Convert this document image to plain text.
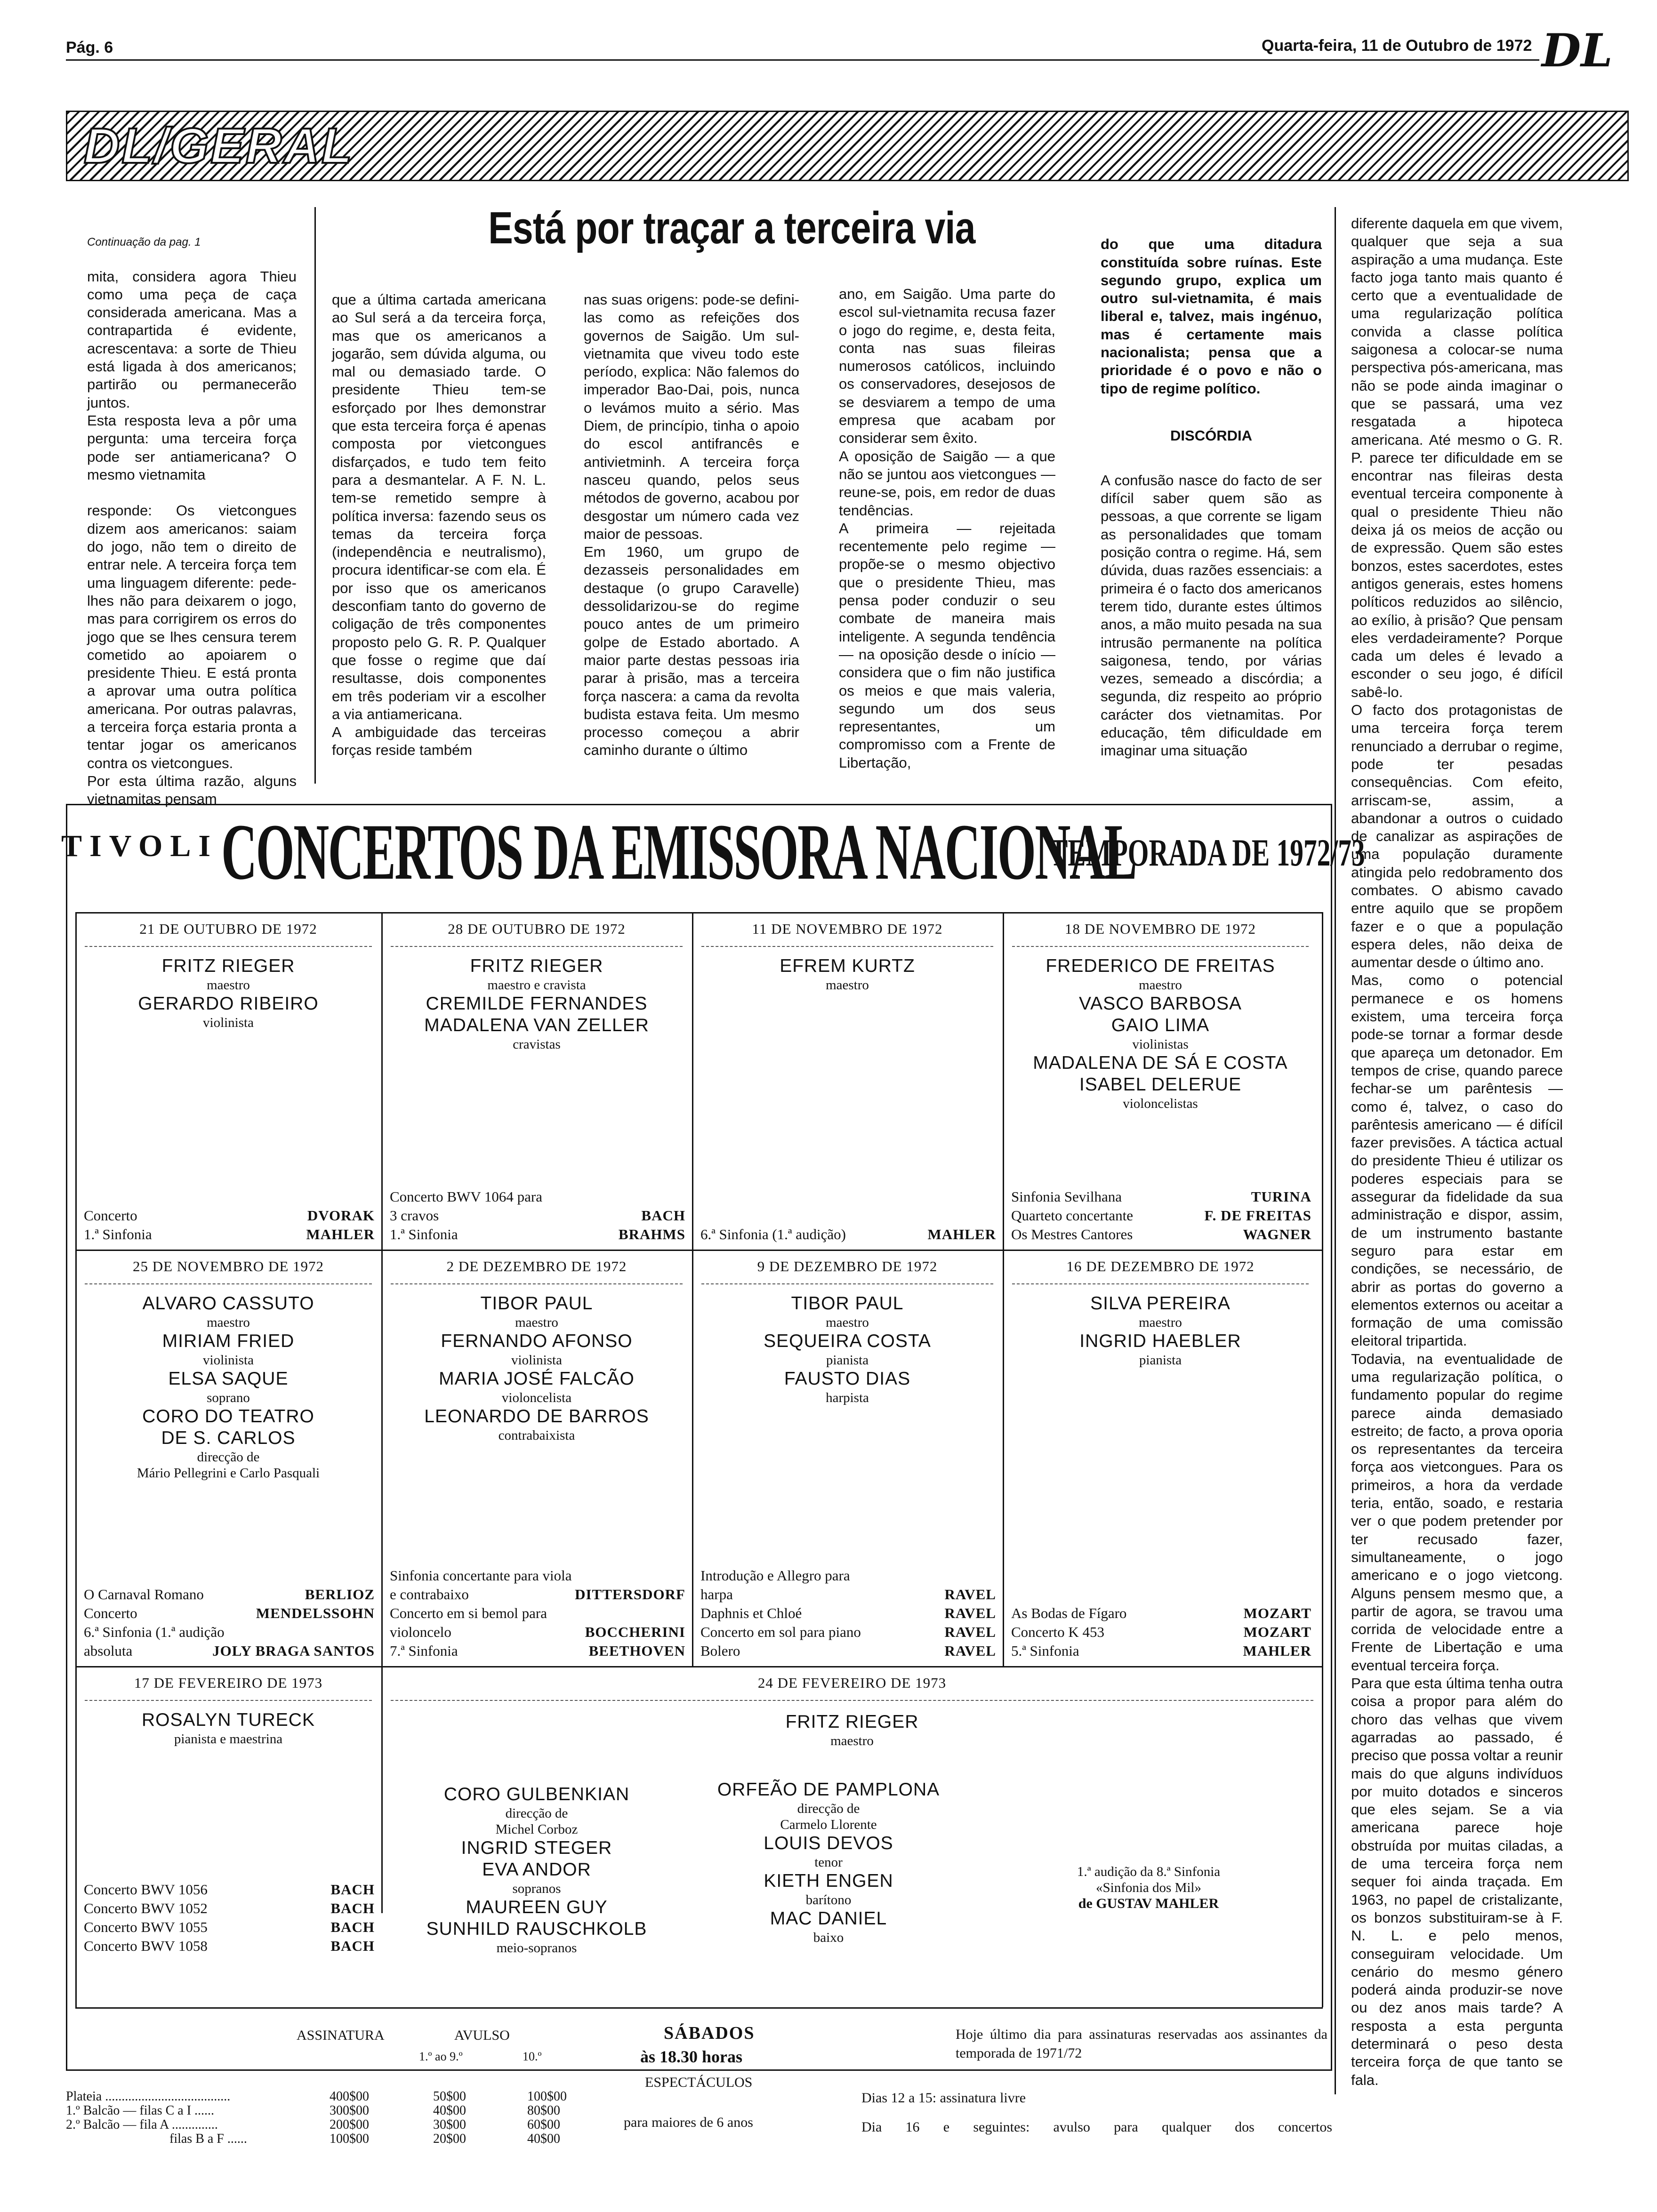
Pág. 6	Quarta-feira, 11 de Outubro de 1972 DL
DL/GERAL
Está por traçar a terceira via

Continuação da pag. 1

mita, considera agora Thieu como uma peça de caça considerada americana. Mas a contrapartida é evidente, acrescentava: a sorte de Thieu está ligada à dos americanos; partirão ou permanecerão juntos.
Esta resposta leva a pôr uma pergunta: uma terceira força pode ser antiamericana? O mesmo vietnamita

responde: Os vietcongues dizem aos americanos: saiam do jogo, não tem o direito de entrar nele. A terceira força tem uma linguagem diferente: pede-lhes não para deixarem o jogo, mas para corrigirem os erros do jogo que se lhes censura terem cometido ao apoiarem o presidente Thieu. E está pronta a aprovar uma outra política americana. Por outras palavras, a terceira força estaria pronta a tentar jogar os americanos contra os vietcongues.
Por esta última razão, alguns vietnamitas pensam

que a última cartada americana ao Sul será a da terceira força, mas que os americanos a jogarão, sem dúvida alguma, ou mal ou demasiado tarde. O presidente Thieu tem-se esforçado por lhes demonstrar que esta terceira força é apenas composta por vietcongues disfarçados, e tudo tem feito para a desmantelar. A F. N. L. tem-se remetido sempre à política inversa: fazendo seus os temas da terceira força (independência e neutralismo), procura identificar-se com ela. É por isso que os americanos desconfiam tanto do governo de coligação de três componentes proposto pelo G. R. P. Qualquer que fosse o regime que daí resultasse, dois componentes em três poderiam vir a escolher a via antiamericana.
A ambiguidade das terceiras forças reside também

nas suas origens: pode-se defini-las como as refeições dos governos de Saigão. Um sul-vietnamita que viveu todo este período, explica: Não falemos do imperador Bao-Dai, pois, nunca o levámos muito a sério. Mas Diem, de princípio, tinha o apoio do escol antifrancês e antivietminh. A terceira força nasceu quando, pelos seus métodos de governo, acabou por desgostar um número cada vez maior de pessoas.
Em 1960, um grupo de dezasseis personalidades em destaque (o grupo Caravelle) dessolidarizou-se do regime pouco antes de um primeiro golpe de Estado abortado. A maior parte destas pessoas iria parar à prisão, mas a terceira força nascera: a cama da revolta budista estava feita. Um mesmo processo começou a abrir caminho durante o último

ano, em Saigão. Uma parte do escol sul-vietnamita recusa fazer o jogo do regime, e, desta feita, conta nas suas fileiras numerosos católicos, incluindo os conservadores, desejosos de se desviarem a tempo de uma empresa que acabam por considerar sem êxito.
A oposição de Saigão — a que não se juntou aos vietcongues — reune-se, pois, em redor de duas tendências.
A primeira — rejeitada recentemente pelo regime — propõe-se o mesmo objectivo que o presidente Thieu, mas pensa poder conduzir o seu combate de maneira mais inteligente. A segunda tendência — na oposição desde o início — considera que o fim não justifica os meios e que mais valeria, segundo um dos seus representantes, um compromisso com a Frente de Libertação,

do que uma ditadura constituída sobre ruínas. Este segundo grupo, explica um outro sul-vietnamita, é mais liberal e, talvez, mais ingénuo, mas é certamente mais nacionalista; pensa que a prioridade é o povo e não o tipo de regime político.

DISCÓRDIA

A confusão nasce do facto de ser difícil saber quem são as pessoas, a que corrente se ligam as personalidades que tomam posição contra o regime. Há, sem dúvida, duas razões essenciais: a primeira é o facto dos americanos terem tido, durante estes últimos anos, a mão muito pesada na sua intrusão permanente na política saigonesa, tendo, por várias vezes, semeado a discórdia; a segunda, diz respeito ao próprio carácter dos vietnamitas. Por educação, têm dificuldade em imaginar uma situação

diferente daquela em que vivem, qualquer que seja a sua aspiração a uma mudança. Este facto joga tanto mais quanto é certo que a eventualidade de uma regularização política convida a classe política saigonesa a colocar-se numa perspectiva pós-americana, mas não se pode ainda imaginar o que se passará, uma vez resgatada a hipoteca americana. Até mesmo o G. R. P. parece ter dificuldade em se encontrar nas fileiras desta eventual terceira componente à qual o presidente Thieu não deixa já os meios de acção ou de expressão. Quem são estes bonzos, estes sacerdotes, estes antigos generais, estes homens políticos reduzidos ao silêncio, ao exílio, à prisão? Que pensam eles verdadeiramente? Porque cada um deles é levado a esconder o seu jogo, é difícil sabê-lo.
O facto dos protagonistas de uma terceira força terem renunciado a derrubar o regime, pode ter pesadas consequências. Com efeito, arriscam-se, assim, a abandonar a outros o cuidado de canalizar as aspirações de uma população duramente atingida pelo redobramento dos combates. O abismo cavado entre aquilo que se propõem fazer e o que a população espera deles, não deixa de aumentar desde o último ano.
Mas, como o potencial permanece e os homens existem, uma terceira força pode-se tornar a formar desde que apareça um detonador. Em tempos de crise, quando parece fechar-se um parêntesis — como é, talvez, o caso do parêntesis americano — é difícil fazer previsões. A táctica actual do presidente Thieu é utilizar os poderes especiais para se assegurar da fidelidade da sua administração e dispor, assim, de um instrumento bastante seguro para estar em condições, se necessário, de abrir as portas do governo a elementos externos ou aceitar a formação de uma comissão eleitoral tripartida.
Todavia, na eventualidade de uma regularização política, o fundamento popular do regime parece ainda demasiado estreito; de facto, a prova oporia os representantes da terceira força aos vietcongues. Para os primeiros, a hora da verdade teria, então, soado, e restaria ver o que podem pretender por ter recusado fazer, simultaneamente, o jogo americano e o jogo vietcong. Alguns pensem mesmo que, a partir de agora, se travou uma corrida de velocidade entre a Frente de Libertação e uma eventual terceira força.
Para que esta última tenha outra coisa a propor para além do choro das velhas que vivem agarradas ao passado, é preciso que possa voltar a reunir mais do que alguns indivíduos por muito dotados e sinceros que eles sejam. Se a via americana parece hoje obstruída por muitas ciladas, a de uma terceira força nem sequer foi ainda traçada. Em 1963, no papel de cristalizante, os bonzos substituiram-se à F. N. L. e pelo menos, conseguiram velocidade. Um cenário do mesmo género poderá ainda produzir-se nove ou dez anos mais tarde? A resposta a esta pergunta determinará o peso desta terceira força de que tanto se fala.

TIVOLI CONCERTOS DA EMISSORA NACIONAL
TEMPORADA DE 1972/73
21 DE OUTUBRO DE 1972
FRITZ RIEGER
maestro
GERARDO RIBEIRO
violinista
Concerto	DVORAK
1.ª Sinfonia	MAHLER
28 DE OUTUBRO DE 1972
FRITZ RIEGER
maestro e cravista
CREMILDE FERNANDES
MADALENA VAN ZELLER
cravistas
Concerto BWV 1064 para
3 cravos	BACH
1.ª Sinfonia	BRAHMS
11 DE NOVEMBRO DE 1972
EFREM KURTZ
maestro
6.ª Sinfonia (1.ª audição)	MAHLER
18 DE NOVEMBRO DE 1972
FREDERICO DE FREITAS
maestro
VASCO BARBOSA
GAIO LIMA
violinistas
MADALENA DE SÁ E COSTA
ISABEL DELERUE
violoncelistas
Sinfonia Sevilhana	TURINA
Quarteto concertante	F. DE FREITAS
Os Mestres Cantores	WAGNER
25 DE NOVEMBRO DE 1972
ALVARO CASSUTO
maestro
MIRIAM FRIED
violinista
ELSA SAQUE
soprano
CORO DO TEATRO
DE S. CARLOS
direcção de
Mário Pellegrini e Carlo Pasquali
O Carnaval Romano	BERLIOZ
Concerto	MENDELSSOHN
6.ª Sinfonia (1.ª audição
absoluta	JOLY BRAGA SANTOS
2 DE DEZEMBRO DE 1972
TIBOR PAUL
maestro
FERNANDO AFONSO
violinista
MARIA JOSÉ FALCÃO
violoncelista
LEONARDO DE BARROS
contrabaixista
Sinfonia concertante para viola
e contrabaixo	DITTERSDORF
Concerto em si bemol para
violoncelo	BOCCHERINI
7.ª Sinfonia	BEETHOVEN
9 DE DEZEMBRO DE 1972
TIBOR PAUL
maestro
SEQUEIRA COSTA
pianista
FAUSTO DIAS
harpista
Introdução e Allegro para
harpa	RAVEL
Daphnis et Chloé	RAVEL
Concerto em sol para piano	RAVEL
Bolero	RAVEL
16 DE DEZEMBRO DE 1972
SILVA PEREIRA
maestro
INGRID HAEBLER
pianista
As Bodas de Fígaro	MOZART
Concerto K 453	MOZART
5.ª Sinfonia	MAHLER
17 DE FEVEREIRO DE 1973
ROSALYN TURECK
pianista e maestrina
Concerto BWV 1056	BACH
Concerto BWV 1052	BACH
Concerto BWV 1055	BACH
Concerto BWV 1058	BACH
24 DE FEVEREIRO DE 1973
FRITZ RIEGER
maestro
CORO GULBENKIAN
direcção de
Michel Corboz
INGRID STEGER
EVA ANDOR
sopranos
MAUREEN GUY
SUNHILD RAUSCHKOLB
meio-sopranos
ORFEÃO DE PAMPLONA
direcção de
Carmelo Llorente
LOUIS DEVOS
tenor
KIETH ENGEN
barítono
MAC DANIEL
baixo
1.ª audição da 8.ª Sinfonia
«Sinfonia dos Mil»
de GUSTAV MAHLER
ASSINATURA	AVULSO
1.º ao 9.º	10.º
Plateia ......................................	400$00	50$00	100$00
1.º Balcão — filas C a I ......	300$00	40$00	80$00
2.º Balcão — fila A ..............	200$00	30$00	60$00
filas B a F ......	100$00	20$00	40$00
SÁBADOS
às 18.30 horas
ESPECTÁCULOS
para maiores de 6 anos
Hoje último dia para assinaturas reservadas aos assinantes da temporada de 1971/72
Dias 12 a 15: assinatura livre
Dia 16 e seguintes: avulso para qualquer dos concertos
